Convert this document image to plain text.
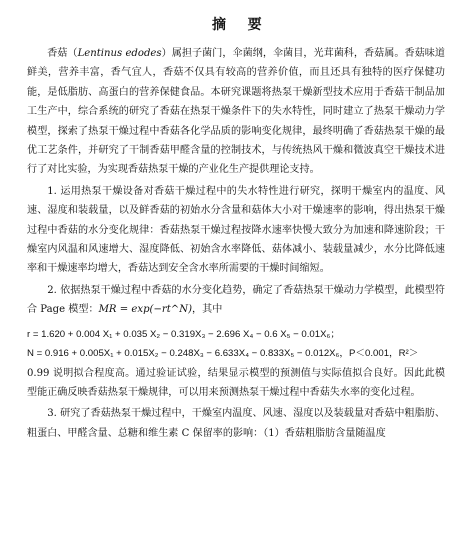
摘 要

香菇（Lentinus edodes）属担子菌门，伞菌纲，伞菌目，光茸菌科，香菇属。香菇味道鲜美，营养丰富，香气宜人，香菇不仅具有较高的营养价值，而且还具有独特的医疗保健功能，是低脂肪、高蛋白的营养保健食品。本研究课题将热泵干燥新型技术应用于香菇干制品加工生产中，综合系统的研究了香菇在热泵干燥条件下的失水特性，同时建立了热泵干燥动力学模型，探索了热泵干燥过程中香菇各化学品质的影响变化规律，最终明确了香菇热泵干燥的最优工艺条件，并研究了干制香菇甲醛含量的控制技术，与传统热风干燥和微波真空干燥技术进行了对比实验，为实现香菇热泵干燥的产业化生产提供理论支持。

1. 运用热泵干燥设备对香菇干燥过程中的失水特性进行研究，探明干燥室内的温度、风速、湿度和装载量，以及鲜香菇的初始水分含量和菇体大小对干燥速率的影响，得出热泵干燥过程中香菇的水分变化规律：香菇热泵干燥过程按降水速率快慢大致分为加速和降速阶段；干燥室内风温和风速增大、湿度降低、初始含水率降低、菇体减小、装载量减少，水分比降低速率和干燥速率均增大，香菇达到安全含水率所需要的干燥时间缩短。

2. 依据热泵干燥过程中香菇的水分变化趋势，确定了香菇热泵干燥动力学模型，此模型符合 Page 模型：MR = exp(−rt^N)，其中

r = 1.620 + 0.004 X₁ + 0.035 X₂ − 0.319X₃ − 2.696 X₄ − 0.6 X₅ − 0.01X₆；

N = 0.916 + 0.005X₁ + 0.015X₂ − 0.248X₃ − 6.633X₄ − 0.833X₅ − 0.012X₆，P＜0.001，R²＞

0.99 说明拟合程度高。通过验证试验，结果显示模型的预测值与实际值拟合良好。因此此模型能正确反映香菇热泵干燥规律，可以用来预测热泵干燥过程中香菇失水率的变化过程。

3. 研究了香菇热泵干燥过程中，干燥室内温度、风速、湿度以及装载量对香菇中粗脂肪、粗蛋白、甲醛含量、总糖和维生素 C 保留率的影响：（1）香菇粗脂肪含量随温度
